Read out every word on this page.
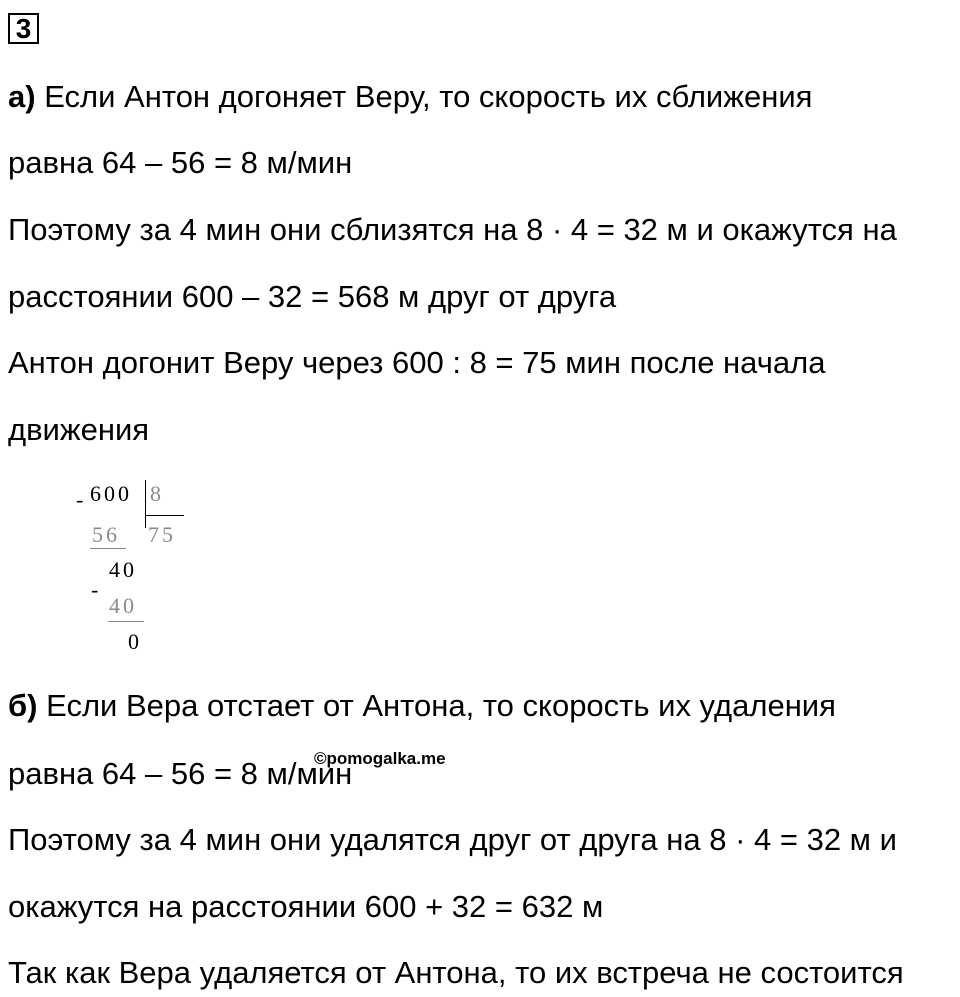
3
а) Если Антон догоняет Веру, то скорость их сближения
равна 64 – 56 = 8 м/мин
Поэтому за 4 мин они сблизятся на 8 · 4 = 32 м и окажутся на
расстоянии 600 – 32 = 568 м друг от друга
Антон догонит Веру через 600 : 8 = 75 мин после начала
движения
- 600 8
56 75
40
-
40
0
б) Если Вера отстает от Антона, то скорость их удаления
равна 64 – 56 = 8 м/мин
©pomogalka.me
Поэтому за 4 мин они удалятся друг от друга на 8 · 4 = 32 м и
окажутся на расстоянии 600 + 32 = 632 м
Так как Вера удаляется от Антона, то их встреча не состоится
